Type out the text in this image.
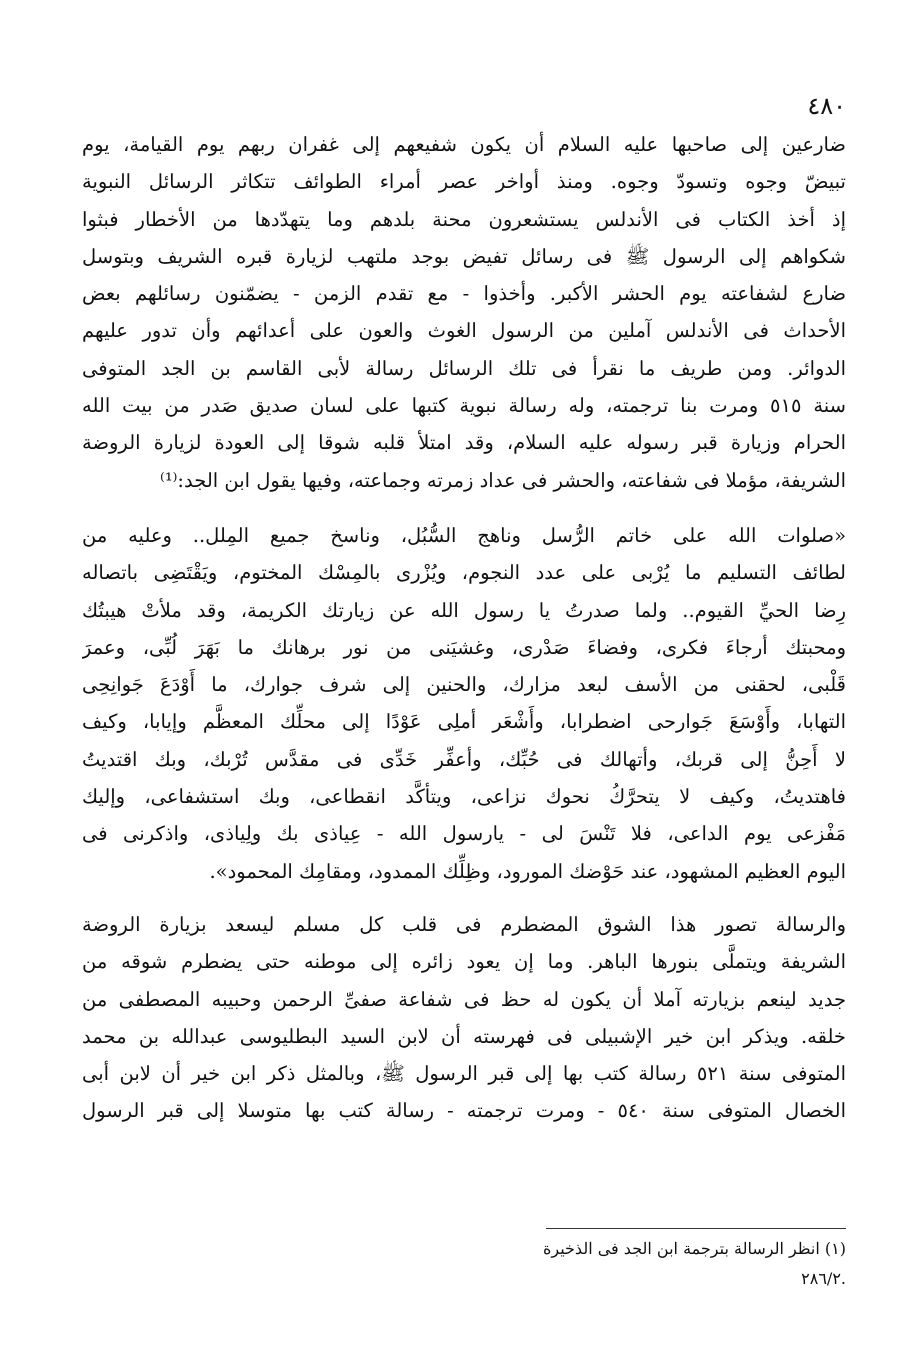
٤٨٠
ضارعين إلى صاحبها عليه السلام أن يكون شفيعهم إلى غفران ربهم يوم القيامة، يوم
تبيضّ وجوه وتسودّ وجوه. ومنذ أواخر عصر أمراء الطوائف تتكاثر الرسائل النبوية
إذ أخذ الكتاب فى الأندلس يستشعرون محنة بلدهم وما يتهدّدها من الأخطار فبثوا
شكواهم إلى الرسول ﷺ فى رسائل تفيض بوجد ملتهب لزيارة قبره الشريف وبتوسل
ضارع لشفاعته يوم الحشر الأكبر. وأخذوا - مع تقدم الزمن - يضمّنون رسائلهم بعض
الأحداث فى الأندلس آملين من الرسول الغوث والعون على أعدائهم وأن تدور عليهم
الدوائر. ومن طريف ما نقرأ فى تلك الرسائل رسالة لأبى القاسم بن الجد المتوفى
سنة ٥١٥ ومرت بنا ترجمته، وله رسالة نبوية كتبها على لسان صديق صَدر من بيت الله
الحرام وزيارة قبر رسوله عليه السلام، وقد امتلأ قلبه شوقا إلى العودة لزيارة الروضة
الشريفة، مؤملا فى شفاعته، والحشر فى عداد زمرته وجماعته، وفيها يقول ابن الجد:⁽¹⁾
«صلوات الله على خاتم الرُّسل وناهج السُّبُل، وناسخ جميع المِلل.. وعليه من
لطائف التسليم ما يُرْبى على عدد النجوم، ويُزْرى بالمِسْك المختوم، ويَقْتَضِى باتصاله
رِضا الحيِّ القيوم.. ولما صدرتُ يا رسول الله عن زيارتك الكريمة، وقد ملأتْ هيبتُك
ومحبتك أرجاءَ فكرى، وفضاءَ صَدْرى، وغشيَنى من نور برهانك ما بَهَرَ لُبِّى، وعمرَ
قَلْبى، لحقنى من الأسف لبعد مزارك، والحنين إلى شرف جوارك، ما أَوْدَعَ جَوانِحِى
التهابا، وأَوْسَعَ جَوارحى اضطرابا، وأَشْعَر أملِى عَوْدًا إلى محلِّك المعظَّم وإيابا، وكيف
لا أَحِنُّ إلى قربك، وأتهالك فى حُبِّك، وأعفِّر خَدِّى فى مقدَّس تُرْبك، وبك اقتديتُ
فاهتديتُ، وكيف لا يتحرَّكُ نحوك نزاعى، ويتأكَّد انقطاعى، وبك استشفاعى، وإليك
مَفْزعى يوم الداعى، فلا تَنْسَ لى - يارسول الله - عِياذى بك ولِياذى، واذكرنى فى
اليوم العظيم المشهود، عند حَوْضك المورود، وظِلِّك الممدود، ومقامِك المحمود».
والرسالة تصور هذا الشوق المضطرم فى قلب كل مسلم ليسعد بزيارة الروضة
الشريفة ويتملَّى بنورها الباهر. وما إن يعود زائره إلى موطنه حتى يضطرم شوقه من
جديد لينعم بزيارته آملا أن يكون له حظ فى شفاعة صفىِّ الرحمن وحبيبه المصطفى من
خلقه. ويذكر ابن خير الإشبيلى فى فهرسته أن لابن السيد البطليوسى عبدالله بن محمد
المتوفى سنة ٥٢١ رسالة كتب بها إلى قبر الرسول ﷺ، وبالمثل ذكر ابن خير أن لابن أبى
الخصال المتوفى سنة ٥٤٠ - ومرت ترجمته - رسالة كتب بها متوسلا إلى قبر الرسول
(١) انظر الرسالة بترجمة ابن الجد فى الذخيرة
.٢٨٦/٢
